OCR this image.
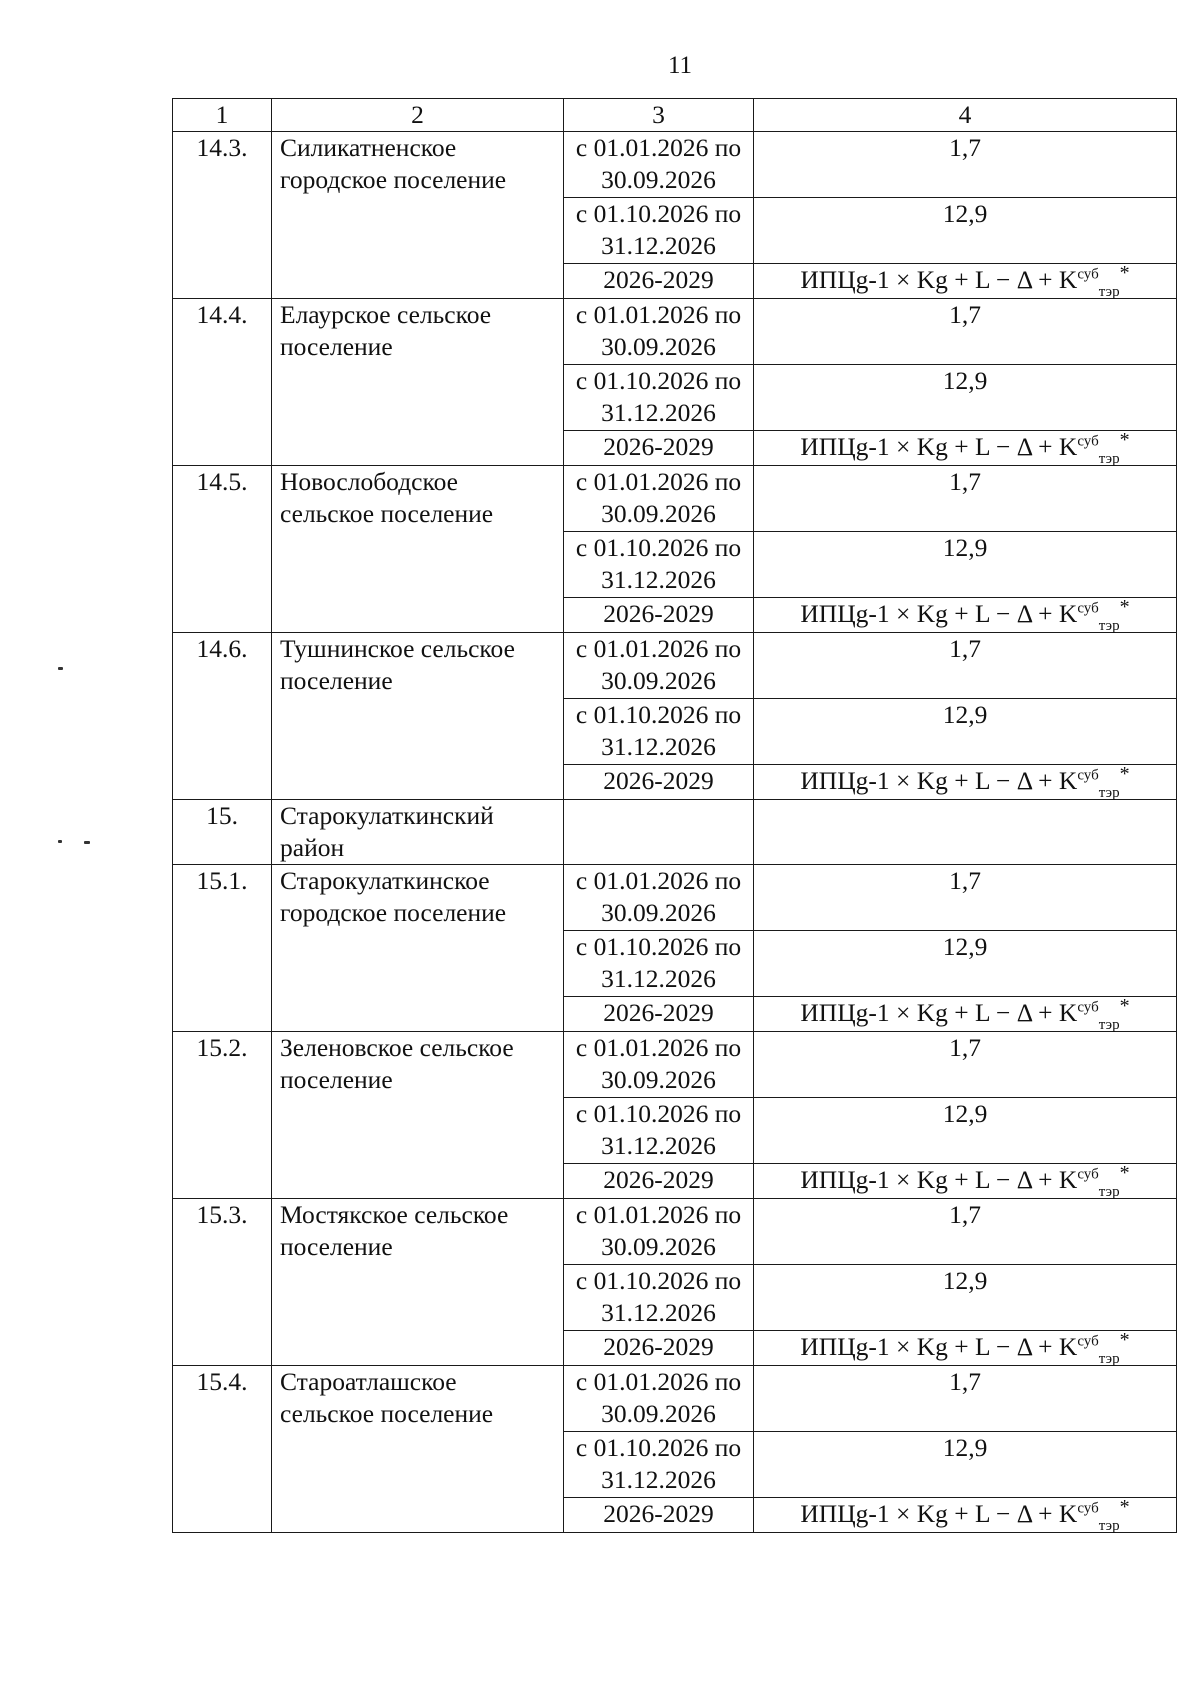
11
1	2	3	4
14.3.	Силикатненское городское поселение	с 01.01.2026 по 30.09.2026	1,7
		с 01.10.2026 по 31.12.2026	12,9
		2026-2029	ИПЦg-1 × $Kg + L - \Delta + K^{суб}_{тэр}^*$
14.4.	Елаурское сельское поселение	с 01.01.2026 по 30.09.2026	1,7
		с 01.10.2026 по 31.12.2026	12,9
		2026-2029	ИПЦg-1 × $Kg + L - \Delta + K^{суб}_{тэр}^*$
14.5.	Новослободское сельское поселение	с 01.01.2026 по 30.09.2026	1,7
		с 01.10.2026 по 31.12.2026	12,9
		2026-2029	ИПЦg-1 × $Kg + L - \Delta + K^{суб}_{тэр}^*$
14.6.	Тушнинское сельское поселение	с 01.01.2026 по 30.09.2026	1,7
		с 01.10.2026 по 31.12.2026	12,9
		2026-2029	ИПЦg-1 × $Kg + L - \Delta + K^{суб}_{тэр}^*$
15.	Старокулаткинский район		
15.1.	Старокулаткинское городское поселение	с 01.01.2026 по 30.09.2026	1,7
		с 01.10.2026 по 31.12.2026	12,9
		2026-2029	ИПЦg-1 × $Kg + L - \Delta + K^{суб}_{тэр}^*$
15.2.	Зеленовское сельское поселение	с 01.01.2026 по 30.09.2026	1,7
		с 01.10.2026 по 31.12.2026	12,9
		2026-2029	ИПЦg-1 × $Kg + L - \Delta + K^{суб}_{тэр}^*$
15.3.	Мостякское сельское поселение	с 01.01.2026 по 30.09.2026	1,7
		с 01.10.2026 по 31.12.2026	12,9
		2026-2029	ИПЦg-1 × $Kg + L - \Delta + K^{суб}_{тэр}^*$
15.4.	Староатлашское сельское поселение	с 01.01.2026 по 30.09.2026	1,7
		с 01.10.2026 по 31.12.2026	12,9
		2026-2029	ИПЦg-1 × $Kg + L - \Delta + K^{суб}_{тэр}^*$
